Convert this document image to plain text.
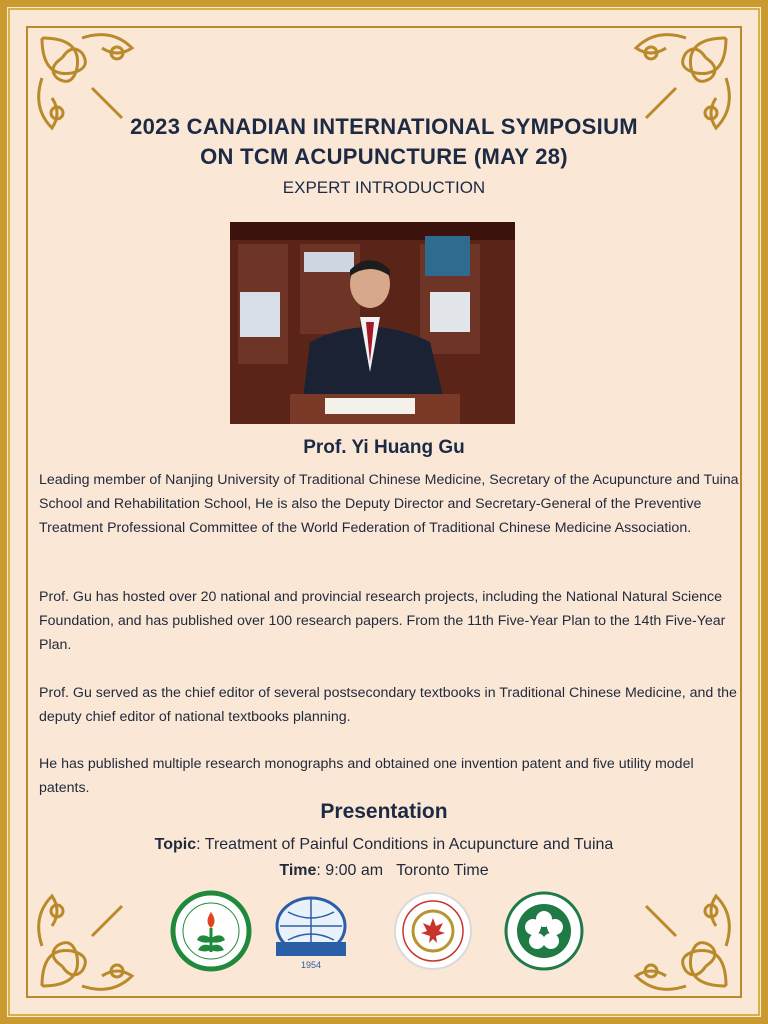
2023 CANADIAN INTERNATIONAL SYMPOSIUM
ON TCM ACUPUNCTURE (MAY 28)
EXPERT INTRODUCTION
Prof. Yi Huang Gu
Leading member of Nanjing University of Traditional Chinese Medicine, Secretary of the Acupuncture and Tuina School and Rehabilitation School, He is also the Deputy Director and Secretary-General of the Preventive Treatment Professional Committee of the World Federation of Traditional Chinese Medicine Association.
Prof. Gu has hosted over 20 national and provincial research projects, including the National Natural Science Foundation, and has published over 100 research papers. From the 11th Five-Year Plan to the 14th Five-Year Plan.
Prof. Gu served as the chief editor of several postsecondary textbooks in Traditional Chinese Medicine, and the deputy chief editor of national textbooks planning.
He has published multiple research monographs and obtained one invention patent and five utility model patents.
Presentation
Topic: Treatment of Painful Conditions in Acupuncture and Tuina
Time: 9:00 am   Toronto Time
1954
